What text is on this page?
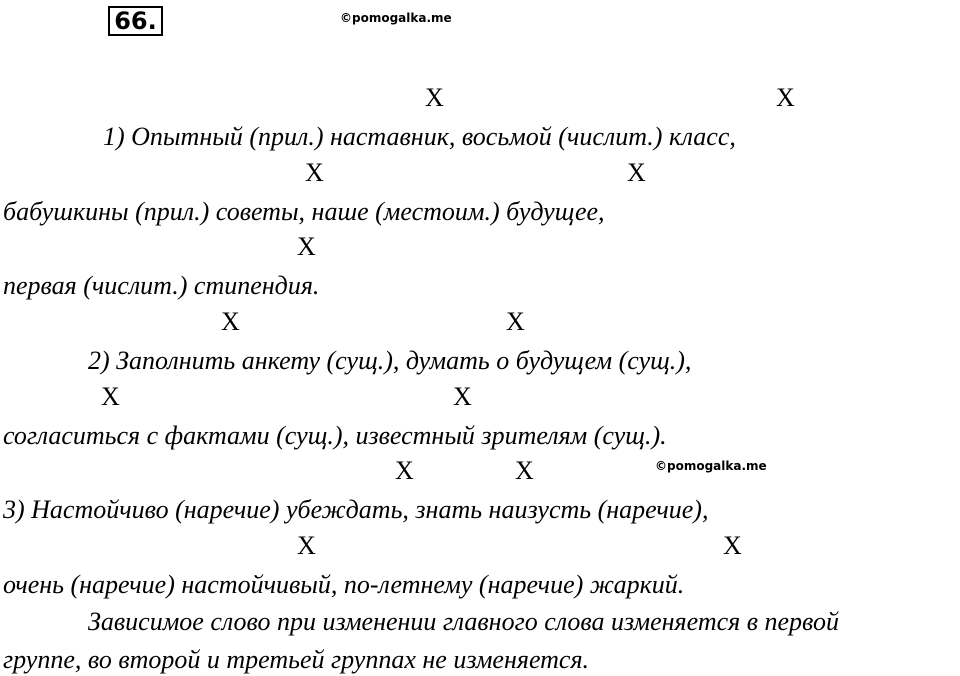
66.	©pomogalka.me
X	X
1) Опытный (прил.) наставник, восьмой (числит.) класс,
X	X
бабушкины (прил.) советы, наше (местоим.) будущее,
X
первая (числит.) стипендия.
X	X
2) Заполнить анкету (сущ.), думать о будущем (сущ.),
X	X
согласиться с фактами (сущ.), известный зрителям (сущ.).
X	X	©pomogalka.me
3) Настойчиво (наречие) убеждать, знать наизусть (наречие),
X	X
очень (наречие) настойчивый, по-летнему (наречие) жаркий.
Зависимое слово при изменении главного слова изменяется в первой
группе, во второй и третьей группах не изменяется.
